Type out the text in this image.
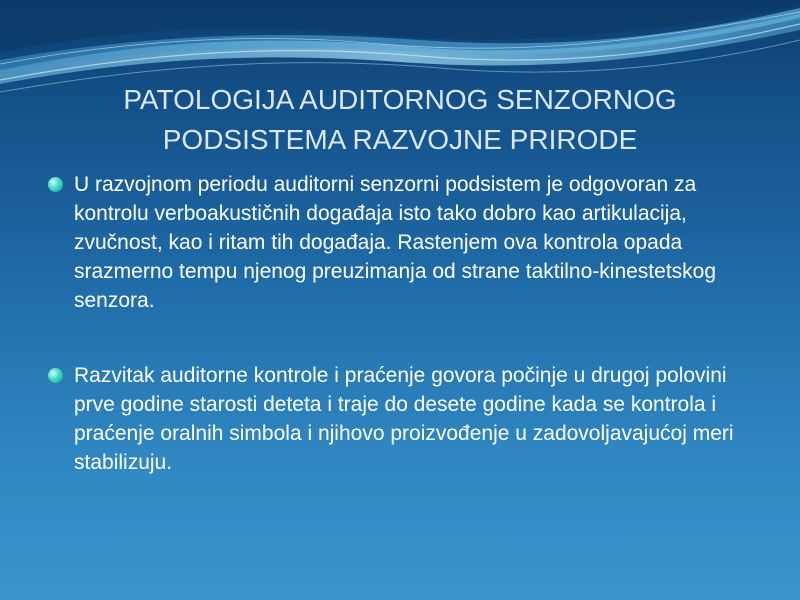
PATOLOGIJA AUDITORNOG SENZORNOG
PODSISTEMA RAZVOJNE PRIRODE
U razvojnom periodu auditorni senzorni podsistem je odgovoran za kontrolu verboakustičnih događaja isto tako dobro kao artikulacija, zvučnost, kao i ritam tih događaja. Rastenjem ova kontrola opada srazmerno tempu njenog preuzimanja od strane taktilno-kinestetskog senzora.
Razvitak auditorne kontrole i praćenje govora počinje u drugoj polovini prve godine starosti deteta i traje do desete godine kada se kontrola i praćenje oralnih simbola i njihovo proizvođenje u zadovoljavajućoj meri stabilizuju.
